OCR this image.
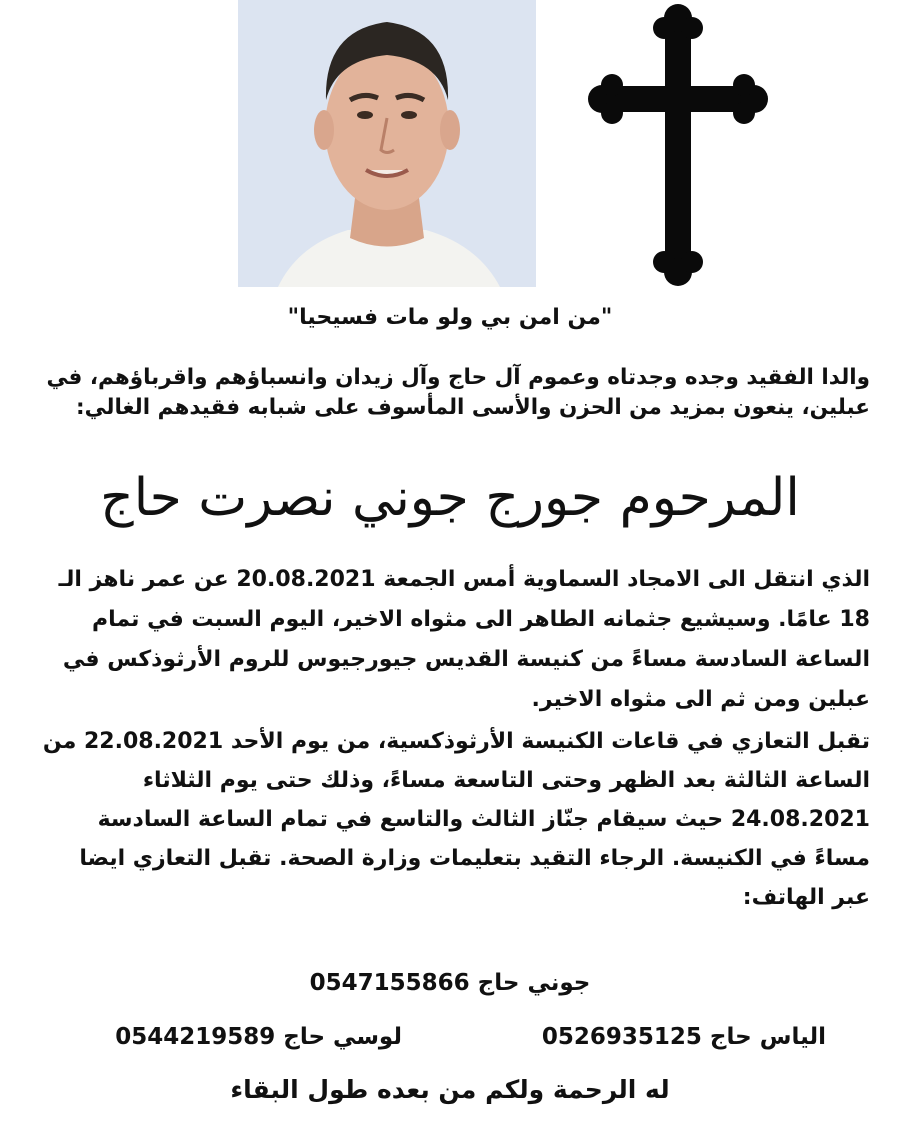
"من امن بي ولو مات فسيحيا"
والدا الفقيد وجده وجدتاه وعموم آل حاج وآل زيدان وانسباؤهم واقرباؤهم، في
عبلين، ينعون بمزيد من الحزن والأسى المأسوف على شبابه فقيدهم الغالي:
المرحوم جورج جوني نصرت حاج
الذي انتقل الى الامجاد السماوية أمس الجمعة 20.08.2021 عن عمر ناهز الـ
18 عامًا. وسيشيع جثمانه الطاهر الى مثواه الاخير، اليوم السبت في تمام
الساعة السادسة مساءً من كنيسة القديس جيورجيوس للروم الأرثوذكس في
عبلين ومن ثم الى مثواه الاخير.
تقبل التعازي في قاعات الكنيسة الأرثوذكسية، من يوم الأحد 22.08.2021 من
الساعة الثالثة بعد الظهر وحتى التاسعة مساءً، وذلك حتى يوم الثلاثاء
24.08.2021 حيث سيقام جنّاز الثالث والتاسع في تمام الساعة السادسة
مساءً في الكنيسة. الرجاء التقيد بتعليمات وزارة الصحة. تقبل التعازي ايضا
عبر الهاتف:
جوني حاج 0547155866
الياس حاج 0526935125
لوسي حاج 0544219589
له الرحمة ولكم من بعده طول البقاء
